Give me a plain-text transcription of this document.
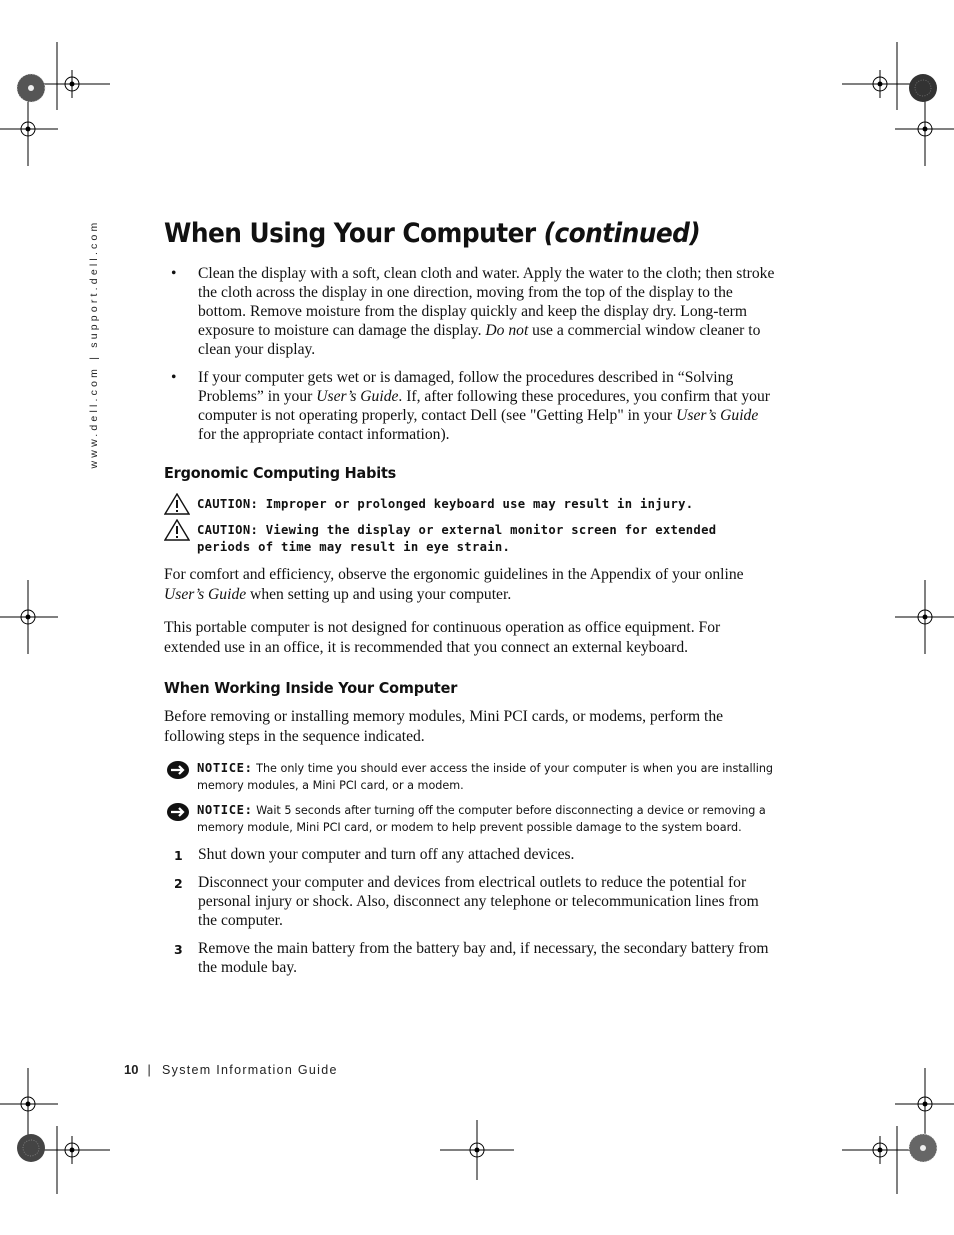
www.dell.com | support.dell.com When Using Your Computer (continued)
• Clean the display with a soft, clean cloth and water. Apply the water to the cloth; then stroke the cloth across the display in one direction, moving from the top of the display to the bottom. Remove moisture from the display quickly and keep the display dry. Long-term exposure to moisture can damage the display. Do not use a commercial window cleaner to clean your display.
• If your computer gets wet or is damaged, follow the procedures described in “Solving Problems” in your User’s Guide. If, after following these procedures, you confirm that your computer is not operating properly, contact Dell (see "Getting Help" in your User’s Guide for the appropriate contact information).
Ergonomic Computing Habits
CAUTION: Improper or prolonged keyboard use may result in injury.
CAUTION: Viewing the display or external monitor screen for extended periods of time may result in eye strain.

For comfort and efficiency, observe the ergonomic guidelines in the Appendix of your online User’s Guide when setting up and using your computer.

This portable computer is not designed for continuous operation as office equipment. For extended use in an office, it is recommended that you connect an external keyboard.

When Working Inside Your Computer

Before removing or installing memory modules, Mini PCI cards, or modems, perform the following steps in the sequence indicated.

NOTICE: The only time you should ever access the inside of your computer is when you are installing memory modules, a Mini PCI card, or a modem.
NOTICE: Wait 5 seconds after turning off the computer before disconnecting a device or removing a memory module, Mini PCI card, or modem to help prevent possible damage to the system board.
1 Shut down your computer and turn off any attached devices.
2 Disconnect your computer and devices from electrical outlets to reduce the potential for personal injury or shock. Also, disconnect any telephone or telecommunication lines from the computer.
3 Remove the main battery from the battery bay and, if necessary, the secondary battery from the module bay.
10 | System Information Guide
